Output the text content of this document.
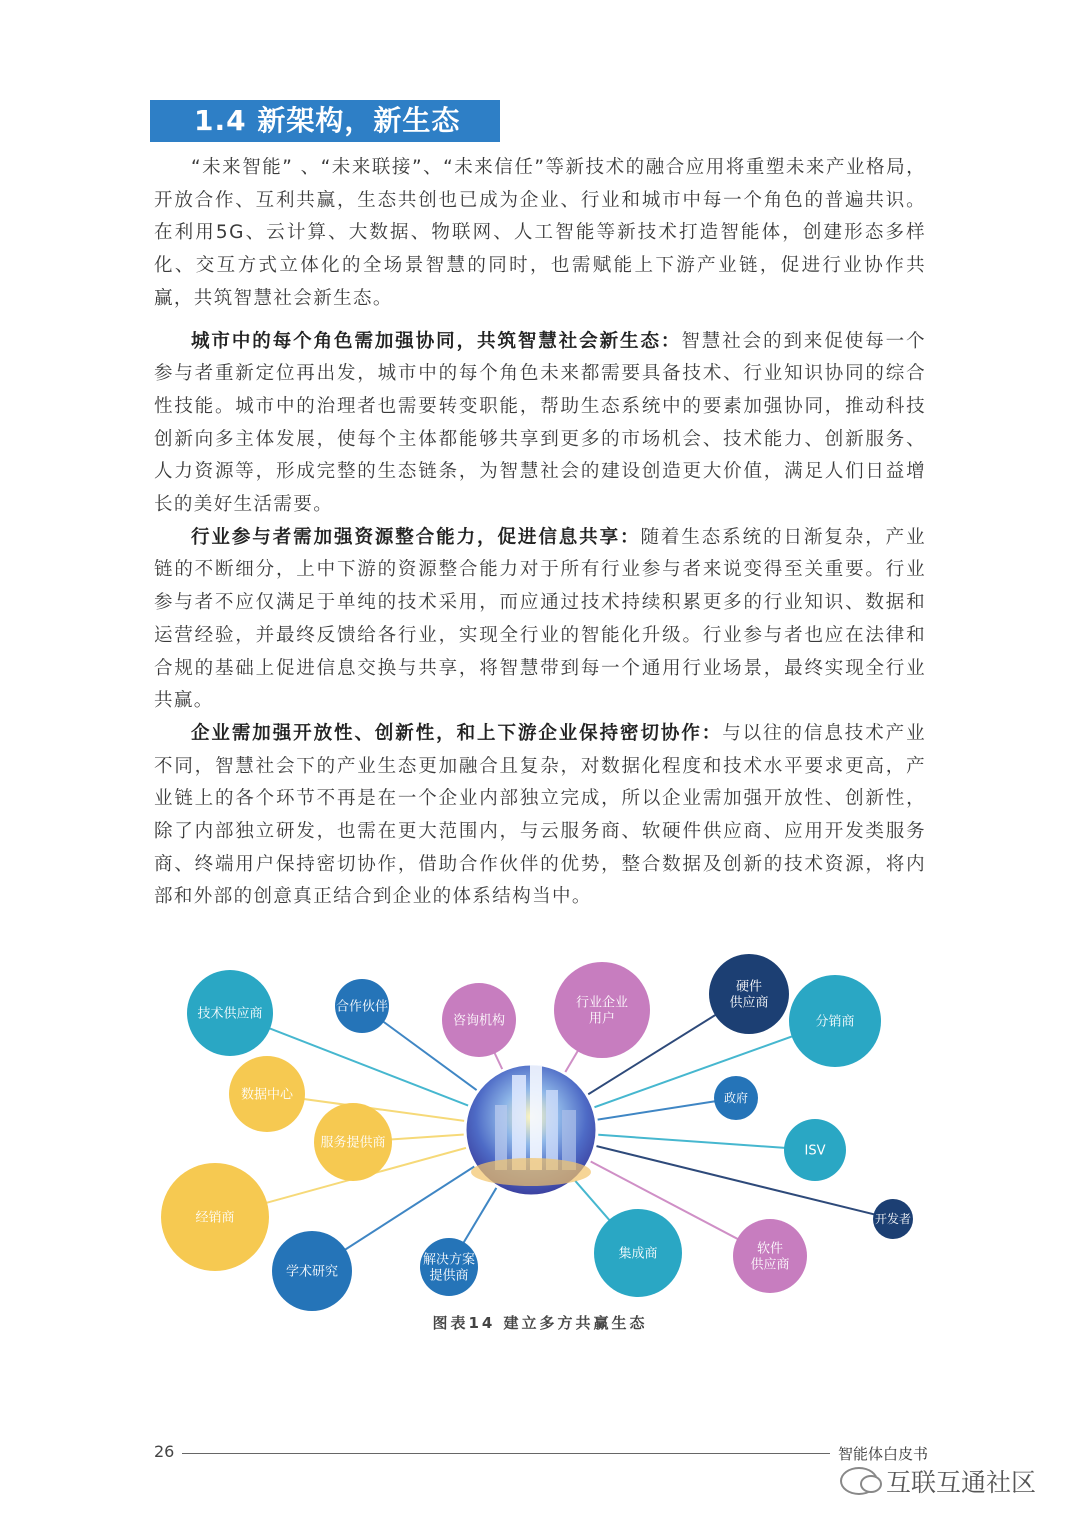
1.4 新架构，新生态

“未来智能” 、“未来联接”、“未来信任”等新技术的融合应用将重塑未来产业格局，开放合作、互利共赢，生态共创也已成为企业、行业和城市中每一个角色的普遍共识。在利用5G、云计算、大数据、物联网、人工智能等新技术打造智能体，创建形态多样化、交互方式立体化的全场景智慧的同时，也需赋能上下游产业链，促进行业协作共赢，共筑智慧社会新生态。

城市中的每个角色需加强协同，共筑智慧社会新生态：智慧社会的到来促使每一个参与者重新定位再出发，城市中的每个角色未来都需要具备技术、行业知识协同的综合性技能。城市中的治理者也需要转变职能，帮助生态系统中的要素加强协同，推动科技创新向多主体发展，使每个主体都能够共享到更多的市场机会、技术能力、创新服务、人力资源等，形成完整的生态链条，为智慧社会的建设创造更大价值，满足人们日益增长的美好生活需要。

行业参与者需加强资源整合能力，促进信息共享：随着生态系统的日渐复杂，产业链的不断细分，上中下游的资源整合能力对于所有行业参与者来说变得至关重要。行业参与者不应仅满足于单纯的技术采用，而应通过技术持续积累更多的行业知识、数据和运营经验，并最终反馈给各行业，实现全行业的智能化升级。行业参与者也应在法律和合规的基础上促进信息交换与共享，将智慧带到每一个通用行业场景，最终实现全行业共赢。

企业需加强开放性、创新性，和上下游企业保持密切协作：与以往的信息技术产业不同，智慧社会下的产业生态更加融合且复杂，对数据化程度和技术水平要求更高，产业链上的各个环节不再是在一个企业内部独立完成，所以企业需加强开放性、创新性，除了内部独立研发，也需在更大范围内，与云服务商、软硬件供应商、应用开发类服务商、终端用户保持密切协作，借助合作伙伴的优势，整合数据及创新的技术资源，将内部和外部的创意真正结合到企业的体系结构当中。

技术供应商	合作伙伴
咨询机构
行业企业
用户
硬件
供应商
分销商
数据中心
服务提供商
政府
ISV
经销商	开发者
学术研究
解决方案
提供商
集成商	软件
供应商
图表14 建立多方共赢生态
26	智能体白皮书
互联互通社区
